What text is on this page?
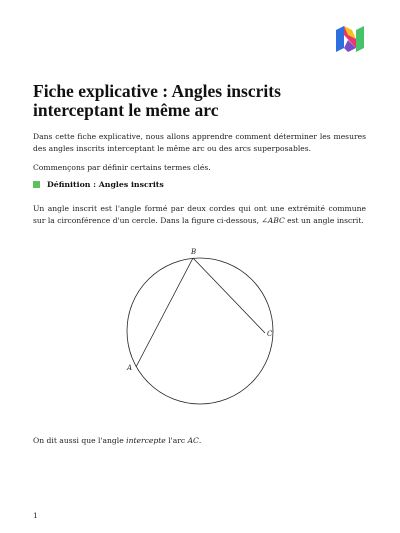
Fiche explicative : Angles inscrits interceptant le même arc

Dans cette fiche explicative, nous allons apprendre comment déterminer les mesures des angles inscrits interceptant le même arc ou des arcs superposables.

Commençons par définir certains termes clés.

Définition : Angles inscrits

Un angle inscrit est l'angle formé par deux cordes qui ont une extrémité commune sur la circonférence d'un cercle. Dans la figure ci-dessous, ∠ABC est un angle inscrit.

B
A
C

On dit aussi que l'angle intercepte l'arc AC.

1
